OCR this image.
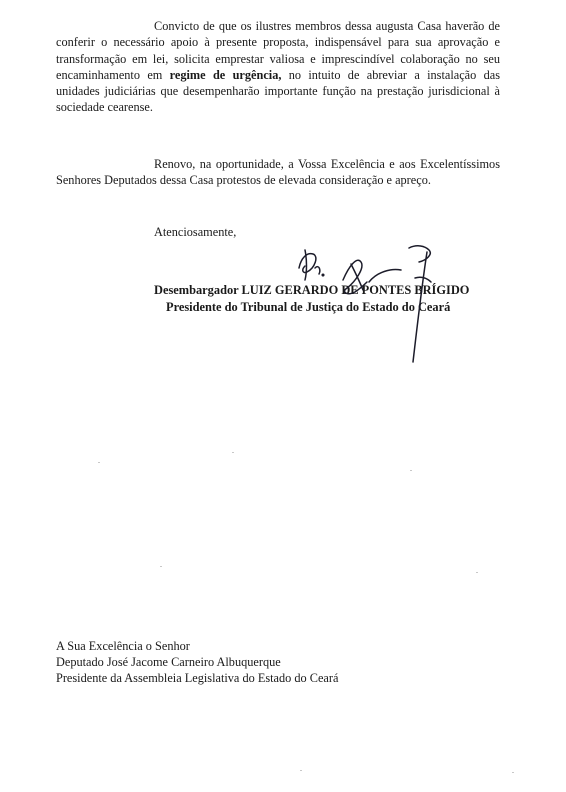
Convicto de que os ilustres membros dessa augusta Casa haverão de conferir o necessário apoio à presente proposta, indispensável para sua aprovação e transformação em lei, solicita emprestar valiosa e imprescindível colaboração no seu encaminhamento em regime de urgência, no intuito de abreviar a instalação das unidades judiciárias que desempenharão importante função na prestação jurisdicional à sociedade cearense.

Renovo, na oportunidade, a Vossa Excelência e aos Excelentíssimos Senhores Deputados dessa Casa protestos de elevada consideração e apreço.

Atenciosamente,
Desembargador LUIZ GERARDO DE PONTES BRÍGIDO
Presidente do Tribunal de Justiça do Estado do Ceará
A Sua Excelência o Senhor
Deputado José Jacome Carneiro Albuquerque
Presidente da Assembleia Legislativa do Estado do Ceará
